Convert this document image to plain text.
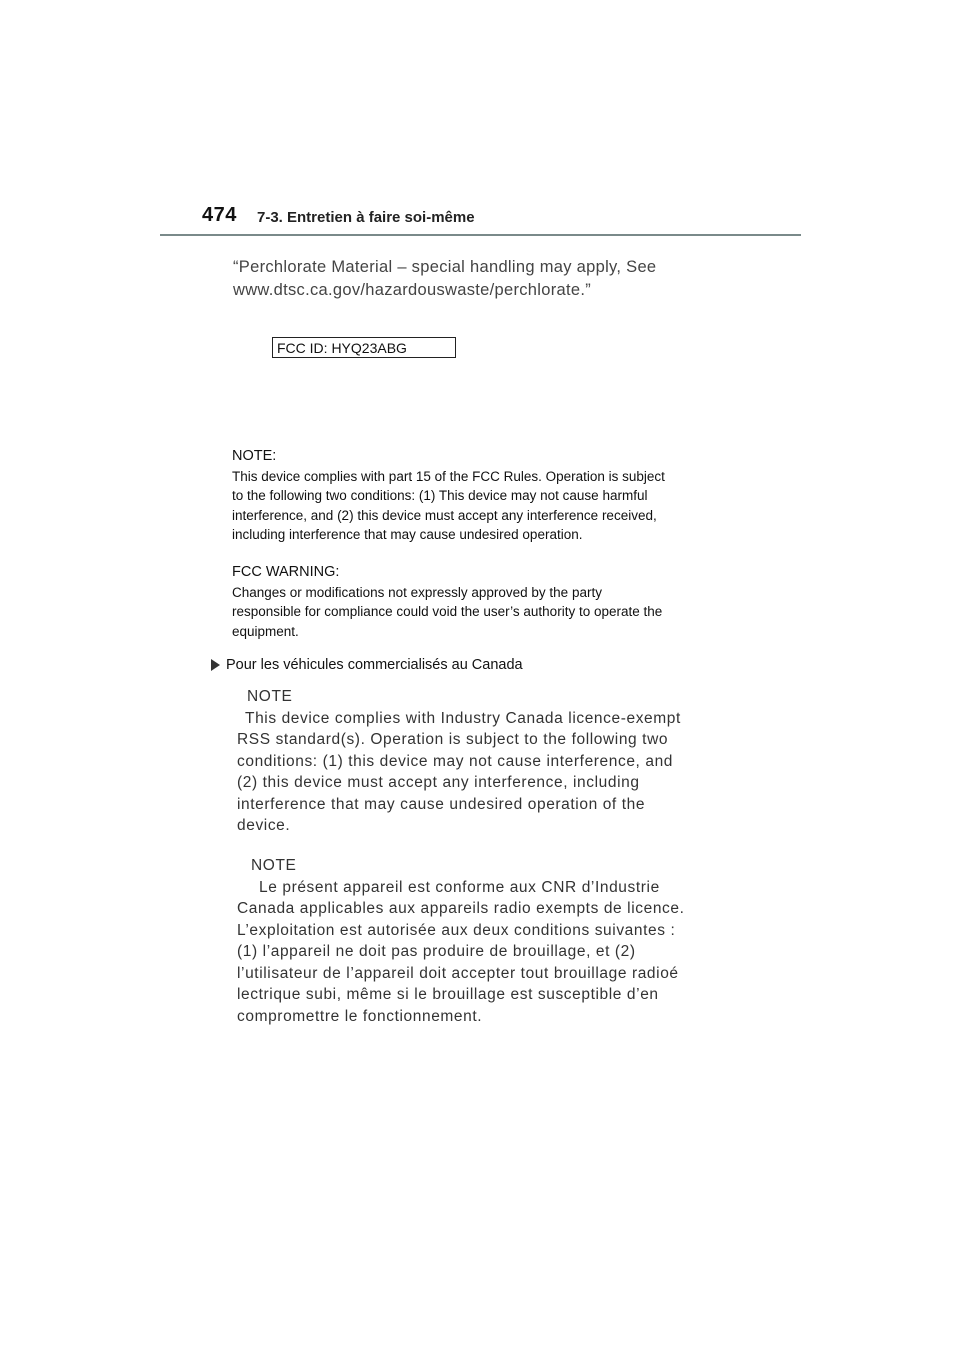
474 7-3. Entretien à faire soi-même
“Perchlorate Material – special handling may apply, See
www.dtsc.ca.gov/hazardouswaste/perchlorate.”
FCC ID: HYQ23ABG
NOTE:
This device complies with part 15 of the FCC Rules. Operation is subject
to the following two conditions: (1) This device may not cause harmful
interference, and (2) this device must accept any interference received,
including interference that may cause undesired operation.
FCC WARNING:
Changes or modifications not expressly approved by the party
responsible for compliance could void the user’s authority to operate the
equipment.
Pour les véhicules commercialisés au Canada
NOTE
This device complies with Industry Canada licence-exempt
RSS standard(s). Operation is subject to the following two
conditions: (1) this device may not cause interference, and
(2) this device must accept any interference, including
interference that may cause undesired operation of the
device.
NOTE
Le présent appareil est conforme aux CNR d’Industrie
Canada applicables aux appareils radio exempts de licence.
L’exploitation est autorisée aux deux conditions suivantes :
(1) l’appareil ne doit pas produire de brouillage, et (2)
l’utilisateur de l’appareil doit accepter tout brouillage radioé
lectrique subi, même si le brouillage est susceptible d’en
compromettre le fonctionnement.
